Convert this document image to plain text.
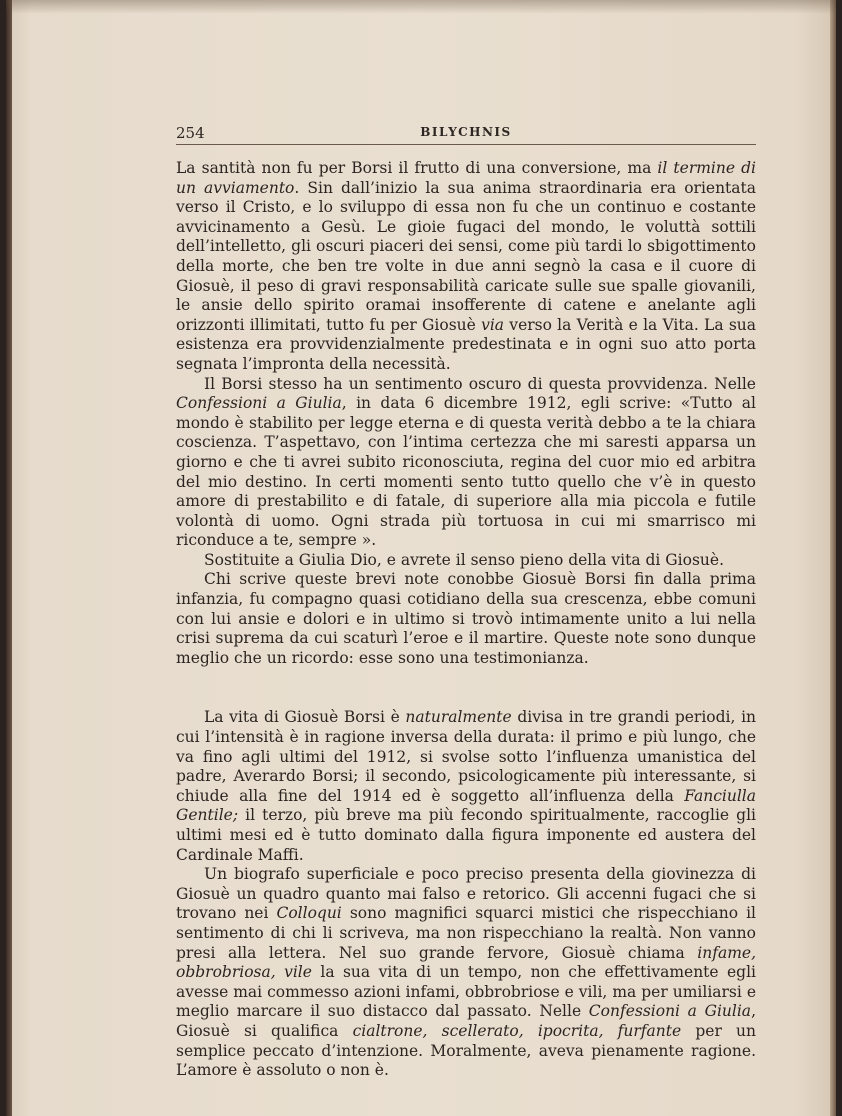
254	BILYCHNIS

La santità non fu per Borsi il frutto di una conversione, ma il termine di un avviamento. Sin dall’inizio la sua anima straordinaria era orientata verso il Cristo, e lo sviluppo di essa non fu che un continuo e costante avvicinamento a Gesù. Le gioie fugaci del mondo, le voluttà sottili dell’intelletto, gli oscuri piaceri dei sensi, come più tardi lo sbigottimento della morte, che ben tre volte in due anni segnò la casa e il cuore di Giosuè, il peso di gravi responsabilità caricate sulle sue spalle giovanili, le ansie dello spirito oramai insofferente di catene e anelante agli orizzonti illimitati, tutto fu per Giosuè via verso la Verità e la Vita. La sua esistenza era provvidenzialmente predestinata e in ogni suo atto porta segnata l’impronta della necessità.

Il Borsi stesso ha un sentimento oscuro di questa provvidenza. Nelle Confessioni a Giulia, in data 6 dicembre 1912, egli scrive: «Tutto al mondo è stabilito per legge eterna e di questa verità debbo a te la chiara coscienza. T’aspettavo, con l’intima certezza che mi saresti apparsa un giorno e che ti avrei subito riconosciuta, regina del cuor mio ed arbitra del mio destino. In certi momenti sento tutto quello che v’è in questo amore di prestabilito e di fatale, di superiore alla mia piccola e futile volontà di uomo. Ogni strada più tortuosa in cui mi smarrisco mi riconduce a te, sempre ».

Sostituite a Giulia Dio, e avrete il senso pieno della vita di Giosuè.

Chi scrive queste brevi note conobbe Giosuè Borsi fin dalla prima infanzia, fu compagno quasi cotidiano della sua crescenza, ebbe comuni con lui ansie e dolori e in ultimo si trovò intimamente unito a lui nella crisi suprema da cui scaturì l’eroe e il martire. Queste note sono dunque meglio che un ricordo: esse sono una testimonianza.

La vita di Giosuè Borsi è naturalmente divisa in tre grandi periodi, in cui l’intensità è in ragione inversa della durata: il primo e più lungo, che va fino agli ultimi del 1912, si svolse sotto l’influenza umanistica del padre, Averardo Borsi; il secondo, psicologicamente più interessante, si chiude alla fine del 1914 ed è soggetto all’influenza della Fanciulla Gentile; il terzo, più breve ma più fecondo spiritualmente, raccoglie gli ultimi mesi ed è tutto dominato dalla figura imponente ed austera del Cardinale Maffi.

Un biografo superficiale e poco preciso presenta della giovinezza di Giosuè un quadro quanto mai falso e retorico. Gli accenni fugaci che si trovano nei Colloqui sono magnifici squarci mistici che rispecchiano il sentimento di chi li scriveva, ma non rispecchiano la realtà. Non vanno presi alla lettera. Nel suo grande fervore, Giosuè chiama infame, obbrobriosa, vile la sua vita di un tempo, non che effettivamente egli avesse mai commesso azioni infami, obbrobriose e vili, ma per umiliarsi e meglio marcare il suo distacco dal passato. Nelle Confessioni a Giulia, Giosuè si qualifica cialtrone, scellerato, ipocrita, furfante per un semplice peccato d’intenzione. Moralmente, aveva pienamente ragione. L’amore è assoluto o non è.
